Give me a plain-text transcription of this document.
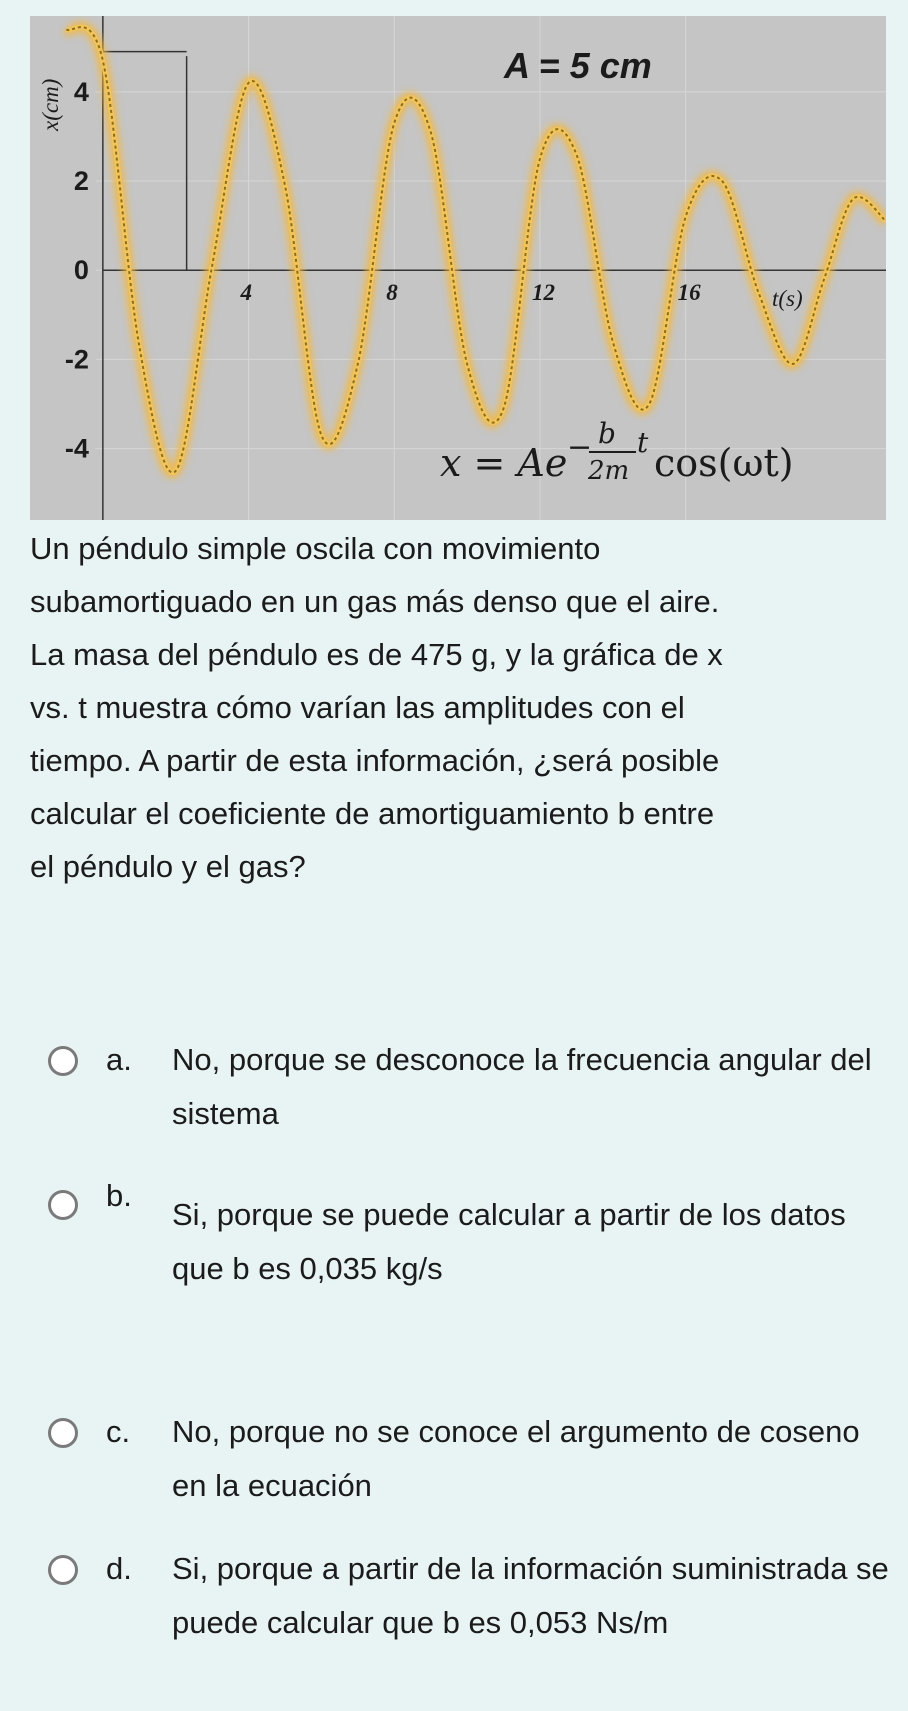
A = 5 cm
t(s)
x(cm)
x = Ae − b
2m
t cos(ωt)
4	8	12	16
4
2
0
-2
-4

Un péndulo simple oscila con movimiento
subamortiguado en un gas más denso que el aire.
La masa del péndulo es de 475 g, y la gráfica de x
vs. t muestra cómo varían las amplitudes con el
tiempo. A partir de esta información, ¿será posible
calcular el coeficiente de amortiguamiento b entre
el péndulo y el gas?

a. No, porque se desconoce la frecuencia angular del sistema

b.

Si, porque se puede calcular a partir de los datos que b es 0,035 kg/s

c. No, porque no se conoce el argumento de coseno en la ecuación

d. Si, porque a partir de la información suministrada se puede calcular que b es 0,053 Ns/m
